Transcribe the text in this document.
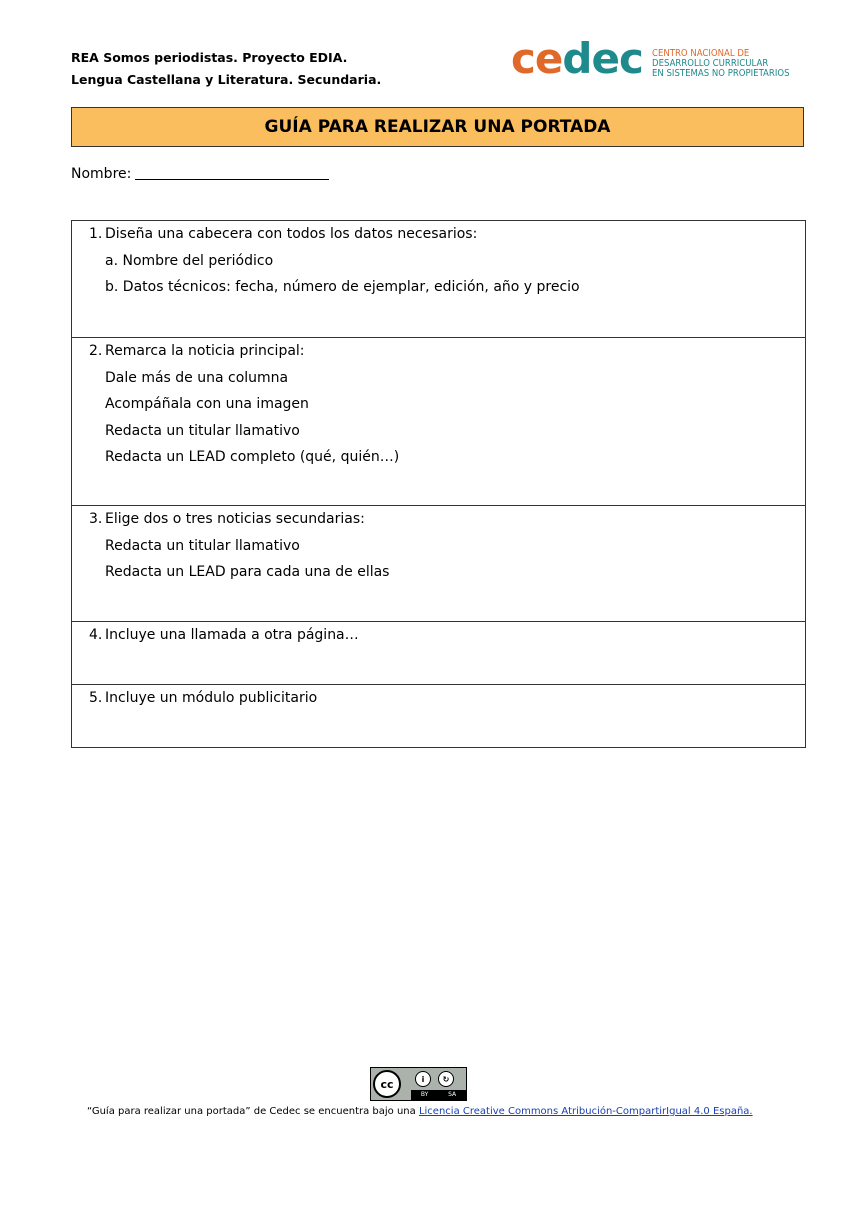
REA Somos periodistas. Proyecto EDIA.
Lengua Castellana y Literatura. Secundaria.	cedec CENTRO NACIONAL DE
DESARROLLO CURRICULAR
EN SISTEMAS NO PROPIETARIOS
GUÍA PARA REALIZAR UNA PORTADA
Nombre:
1. Diseña una cabecera con todos los datos necesarios:
a. Nombre del periódico
b. Datos técnicos: fecha, número de ejemplar, edición, año y precio
2. Remarca la noticia principal:
Dale más de una columna
Acompáñala con una imagen
Redacta un titular llamativo
Redacta un LEAD completo (qué, quién…)
3. Elige dos o tres noticias secundarias:
Redacta un titular llamativo
Redacta un LEAD para cada una de ellas
4. Incluye una llamada a otra página…
5. Incluye un módulo publicitario
cc	i	↻
BY	SA
“Guía para realizar una portada” de Cedec se encuentra bajo una Licencia Creative Commons Atribución-CompartirIgual 4.0 España.
